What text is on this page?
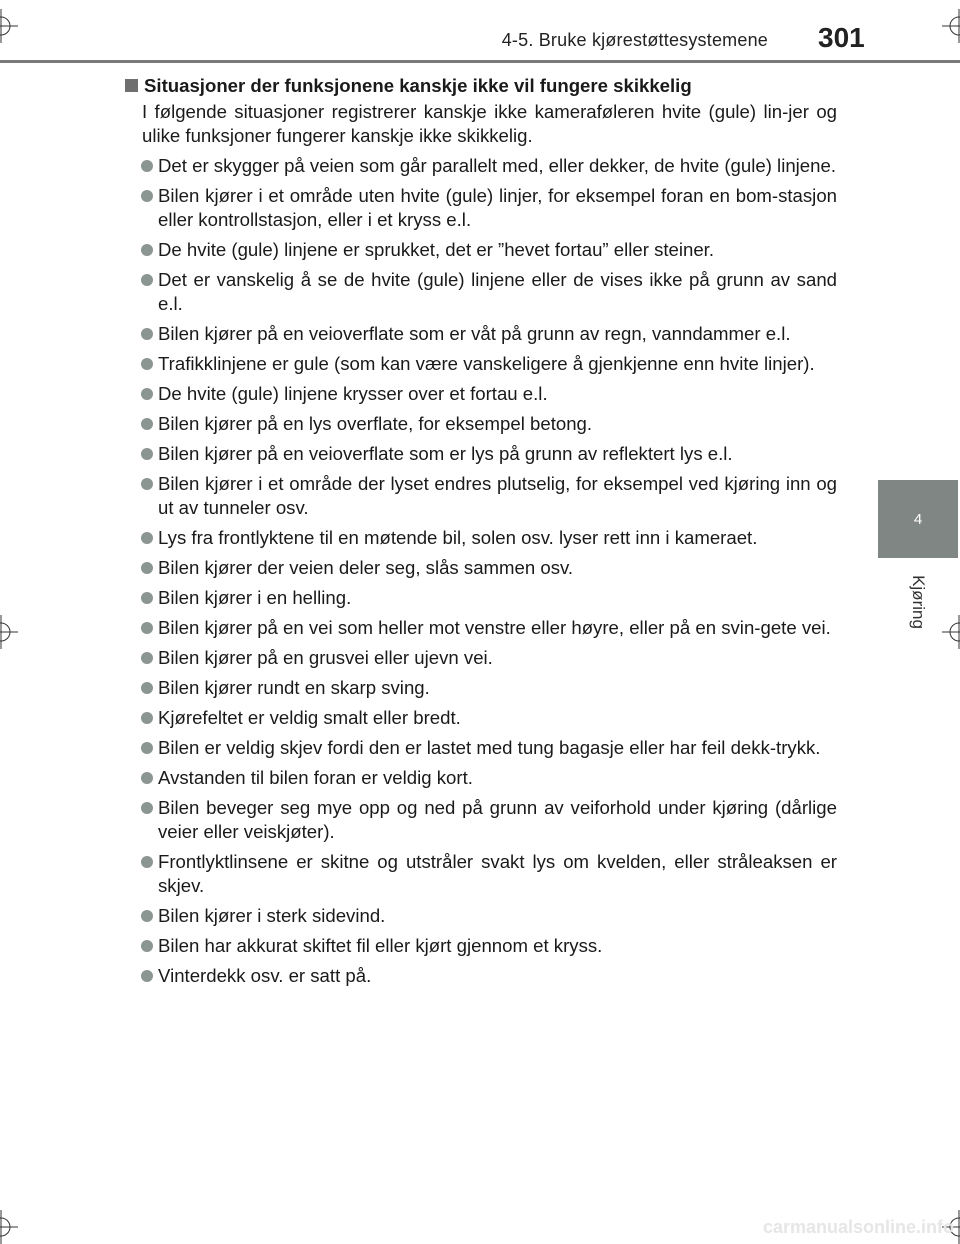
4-5. Bruke kjørestøttesystemene 301
4
Kjøring
Situasjoner der funksjonene kanskje ikke vil fungere skikkelig
I følgende situasjoner registrerer kanskje ikke kameraføleren hvite (gule) lin-jer og ulike funksjoner fungerer kanskje ikke skikkelig.
Det er skygger på veien som går parallelt med, eller dekker, de hvite (gule) linjene.
Bilen kjører i et område uten hvite (gule) linjer, for eksempel foran en bom-stasjon eller kontrollstasjon, eller i et kryss e.l.
De hvite (gule) linjene er sprukket, det er ”hevet fortau” eller steiner.
Det er vanskelig å se de hvite (gule) linjene eller de vises ikke på grunn av sand e.l.
Bilen kjører på en veioverflate som er våt på grunn av regn, vanndammer e.l.
Trafikklinjene er gule (som kan være vanskeligere å gjenkjenne enn hvite linjer).
De hvite (gule) linjene krysser over et fortau e.l.
Bilen kjører på en lys overflate, for eksempel betong.
Bilen kjører på en veioverflate som er lys på grunn av reflektert lys e.l.
Bilen kjører i et område der lyset endres plutselig, for eksempel ved kjøring inn og ut av tunneler osv.
Lys fra frontlyktene til en møtende bil, solen osv. lyser rett inn i kameraet.
Bilen kjører der veien deler seg, slås sammen osv.
Bilen kjører i en helling.
Bilen kjører på en vei som heller mot venstre eller høyre, eller på en svin-gete vei.
Bilen kjører på en grusvei eller ujevn vei.
Bilen kjører rundt en skarp sving.
Kjørefeltet er veldig smalt eller bredt.
Bilen er veldig skjev fordi den er lastet med tung bagasje eller har feil dekk-trykk.
Avstanden til bilen foran er veldig kort.
Bilen beveger seg mye opp og ned på grunn av veiforhold under kjøring (dårlige veier eller veiskjøter).
Frontlyktlinsene er skitne og utstråler svakt lys om kvelden, eller stråleaksen er skjev.
Bilen kjører i sterk sidevind.
Bilen har akkurat skiftet fil eller kjørt gjennom et kryss.
Vinterdekk osv. er satt på.
carmanualsonline.info
